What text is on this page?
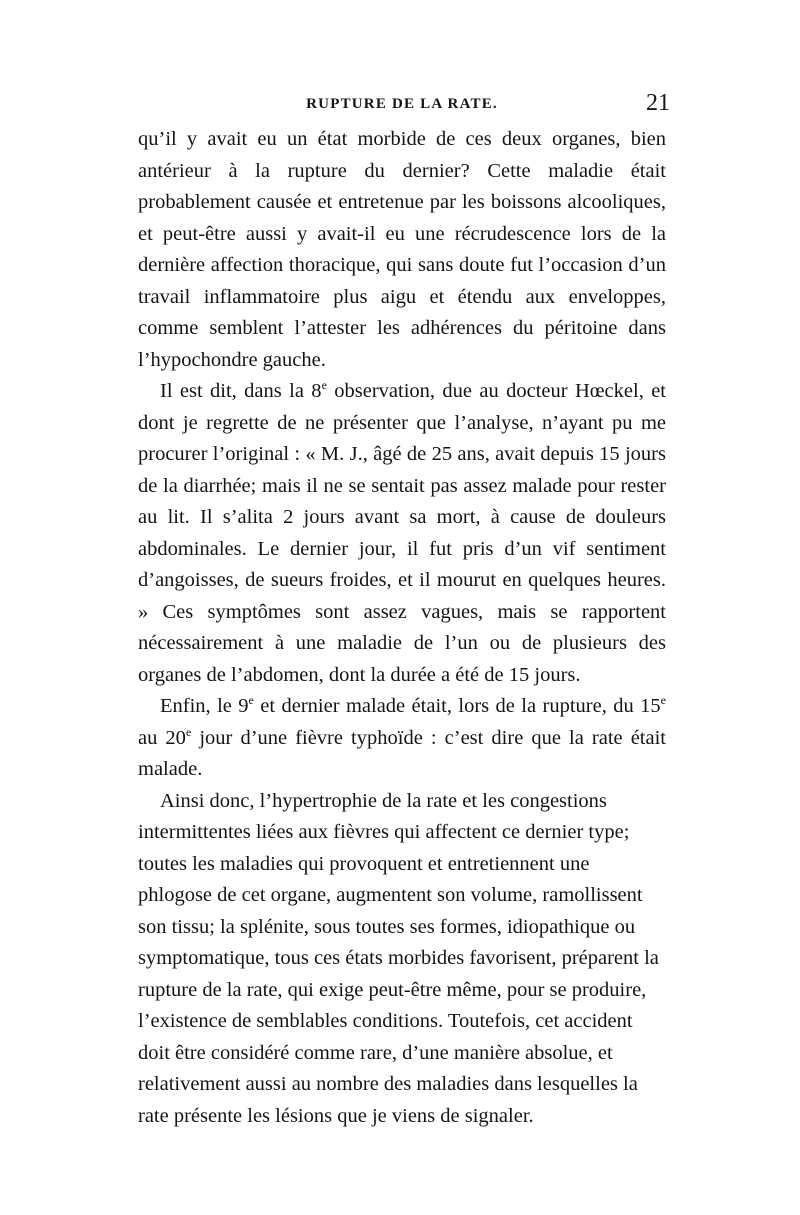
RUPTURE DE LA RATE.	21

qu’il y avait eu un état morbide de ces deux organes, bien antérieur à la rupture du dernier? Cette maladie était probablement causée et entretenue par les boissons alcooliques, et peut-être aussi y avait-il eu une récrudescence lors de la dernière affection thoracique, qui sans doute fut l’occasion d’un travail inflammatoire plus aigu et étendu aux enveloppes, comme semblent l’attester les adhérences du péritoine dans l’hypochondre gauche.

Il est dit, dans la 8e observation, due au docteur Hœckel, et dont je regrette de ne présenter que l’analyse, n’ayant pu me procurer l’original : « M. J., âgé de 25 ans, avait depuis 15 jours de la diarrhée; mais il ne se sentait pas assez malade pour rester au lit. Il s’alita 2 jours avant sa mort, à cause de douleurs abdominales. Le dernier jour, il fut pris d’un vif sentiment d’angoisses, de sueurs froides, et il mourut en quelques heures. » Ces symptômes sont assez vagues, mais se rapportent nécessairement à une maladie de l’un ou de plusieurs des organes de l’abdomen, dont la durée a été de 15 jours.

Enfin, le 9e et dernier malade était, lors de la rupture, du 15e au 20e jour d’une fièvre typhoïde : c’est dire que la rate était malade.

Ainsi donc, l’hypertrophie de la rate et les congestions intermittentes liées aux fièvres qui affectent ce dernier type; toutes les maladies qui provoquent et entretiennent une phlogose de cet organe, augmentent son volume, ramollissent son tissu; la splénite, sous toutes ses formes, idiopathique ou symptomatique, tous ces états morbides favorisent, préparent la rupture de la rate, qui exige peut-être même, pour se produire, l’existence de semblables conditions. Toutefois, cet accident doit être considéré comme rare, d’une manière absolue, et relativement aussi au nombre des maladies dans lesquelles la rate présente les lésions que je viens de signaler.
